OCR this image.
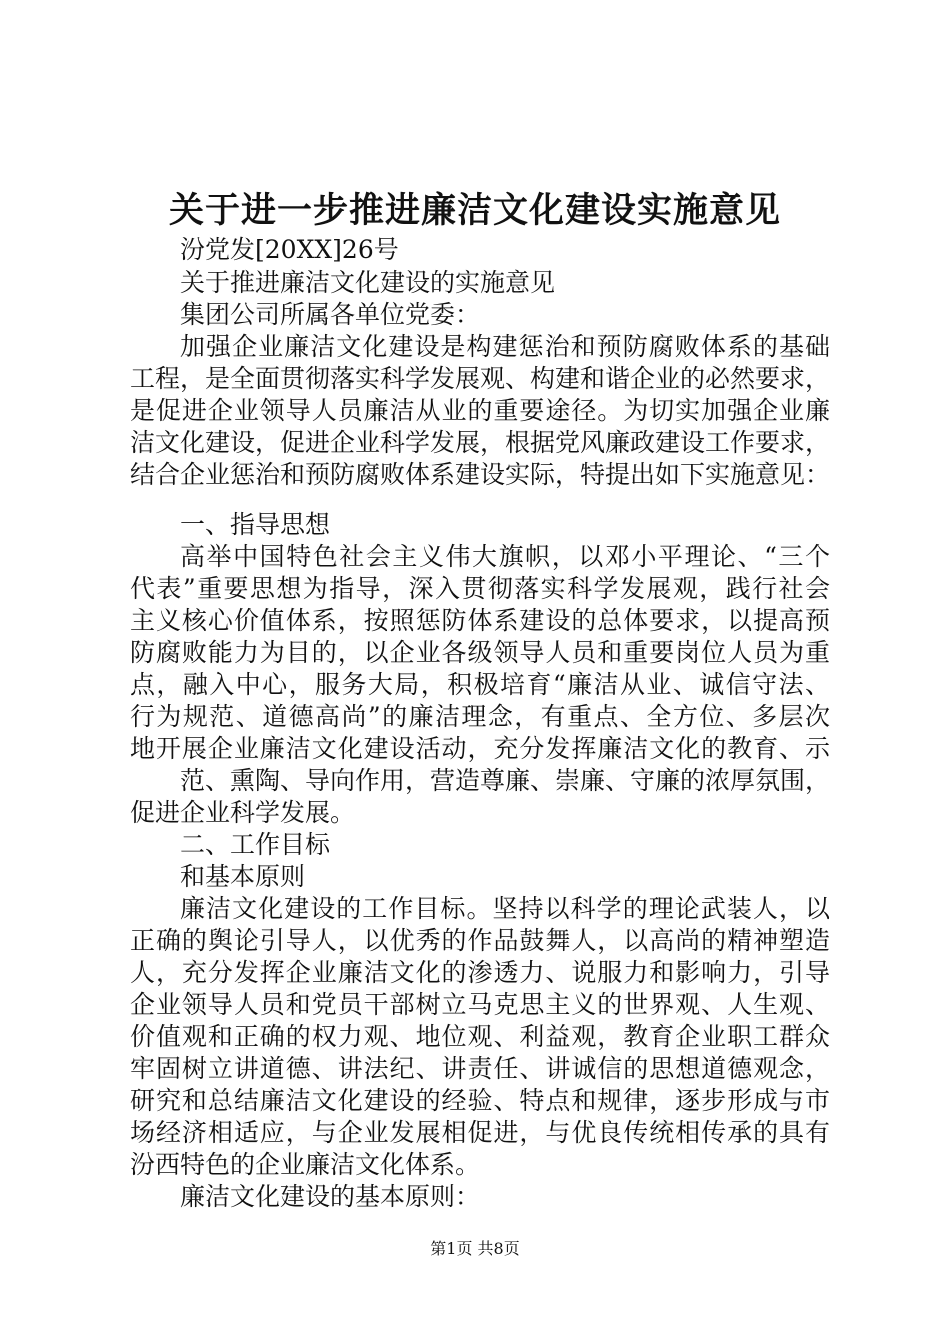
关于进一步推进廉洁文化建设实施意见

汾党发[20XX]26号

关于推进廉洁文化建设的实施意见

集团公司所属各单位党委：

加强企业廉洁文化建设是构建惩治和预防腐败体系的基础

工程，是全面贯彻落实科学发展观、构建和谐企业的必然要求，

是促进企业领导人员廉洁从业的重要途径。为切实加强企业廉

洁文化建设，促进企业科学发展，根据党风廉政建设工作要求，

结合企业惩治和预防腐败体系建设实际，特提出如下实施意见：

一、指导思想

高举中国特色社会主义伟大旗帜，以邓小平理论、“三个

代表”重要思想为指导，深入贯彻落实科学发展观，践行社会

主义核心价值体系，按照惩防体系建设的总体要求，以提高预

防腐败能力为目的，以企业各级领导人员和重要岗位人员为重

点，融入中心，服务大局，积极培育“廉洁从业、诚信守法、

行为规范、道德高尚”的廉洁理念，有重点、全方位、多层次

地开展企业廉洁文化建设活动，充分发挥廉洁文化的教育、示

范、熏陶、导向作用，营造尊廉、崇廉、守廉的浓厚氛围，

促进企业科学发展。

二、工作目标

和基本原则

廉洁文化建设的工作目标。坚持以科学的理论武装人，以

正确的舆论引导人，以优秀的作品鼓舞人，以高尚的精神塑造

人，充分发挥企业廉洁文化的渗透力、说服力和影响力，引导

企业领导人员和党员干部树立马克思主义的世界观、人生观、

价值观和正确的权力观、地位观、利益观，教育企业职工群众

牢固树立讲道德、讲法纪、讲责任、讲诚信的思想道德观念，

研究和总结廉洁文化建设的经验、特点和规律，逐步形成与市

场经济相适应，与企业发展相促进，与优良传统相传承的具有

汾西特色的企业廉洁文化体系。

廉洁文化建设的基本原则：

第1页 共8页
